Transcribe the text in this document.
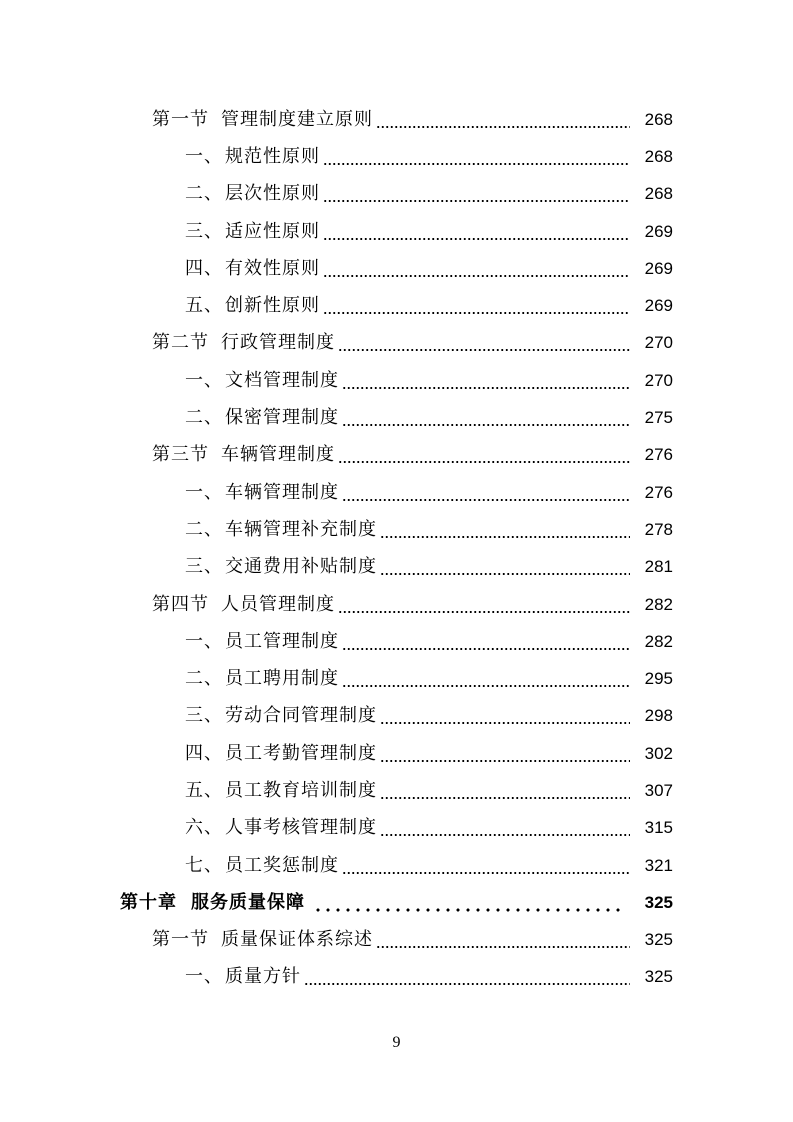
第一节 管理制度建立原则	268
一、 规范性原则	268
二、 层次性原则	268
三、 适应性原则	269
四、 有效性原则	269
五、 创新性原则	269
第二节 行政管理制度	270
一、 文档管理制度	270
二、 保密管理制度	275
第三节 车辆管理制度	276
一、 车辆管理制度	276
二、 车辆管理补充制度	278
三、 交通费用补贴制度	281
第四节 人员管理制度	282
一、 员工管理制度	282
二、 员工聘用制度	295
三、 劳动合同管理制度	298
四、 员工考勤管理制度	302
五、 员工教育培训制度	307
六、 人事考核管理制度	315
七、 员工奖惩制度	321
第十章 服务质量保障	325
第一节 质量保证体系综述	325
一、 质量方针	325
9
